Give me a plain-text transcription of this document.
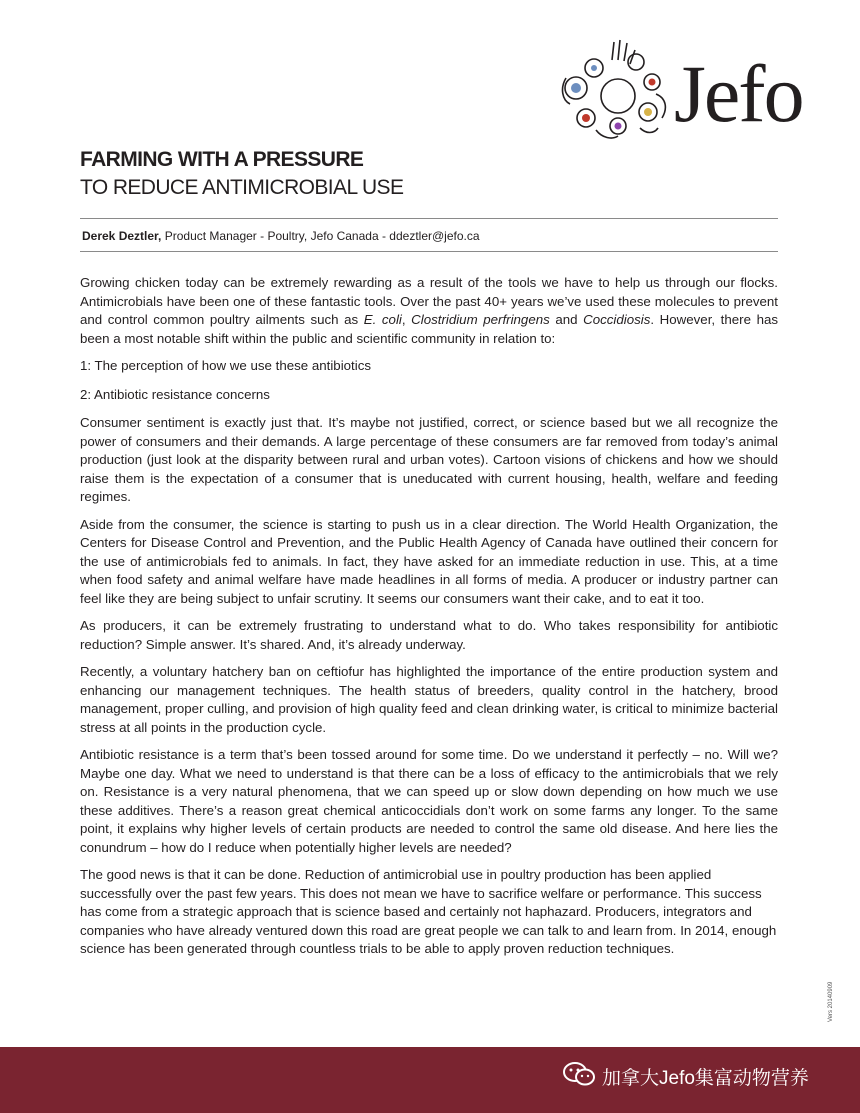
Jefo
FARMING WITH A PRESSURE
TO REDUCE ANTIMICROBIAL USE
Derek Deztler, Product Manager - Poultry, Jefo Canada - ddeztler@jefo.ca

Growing chicken today can be extremely rewarding as a result of the tools we have to help us through our flocks. Antimicrobials have been one of these fantastic tools. Over the past 40+ years we’ve used these molecules to prevent and control common poultry ailments such as E. coli, Clostridium perfringens and Coccidiosis. However, there has been a most notable shift within the public and scientific community in relation to:

1: The perception of how we use these antibiotics

2: Antibiotic resistance concerns

Consumer sentiment is exactly just that. It’s maybe not justified, correct, or science based but we all recognize the power of consumers and their demands. A large percentage of these consumers are far removed from today’s animal production (just look at the disparity between rural and urban votes). Cartoon visions of chickens and how we should raise them is the expectation of a consumer that is uneducated with current housing, health, welfare and feeding regimes.

Aside from the consumer, the science is starting to push us in a clear direction. The World Health Organization, the Centers for Disease Control and Prevention, and the Public Health Agency of Canada have outlined their concern for the use of antimicrobials fed to animals. In fact, they have asked for an immediate reduction in use. This, at a time when food safety and animal welfare have made headlines in all forms of media. A producer or industry partner can feel like they are being subject to unfair scrutiny. It seems our consumers want their cake, and to eat it too.

As producers, it can be extremely frustrating to understand what to do. Who takes responsibility for antibiotic reduction? Simple answer. It’s shared. And, it’s already underway.

Recently, a voluntary hatchery ban on ceftiofur has highlighted the importance of the entire production system and enhancing our management techniques. The health status of breeders, quality control in the hatchery, brood management, proper culling, and provision of high quality feed and clean drinking water, is critical to minimize bacterial stress at all points in the production cycle.

Antibiotic resistance is a term that’s been tossed around for some time. Do we understand it perfectly – no. Will we? Maybe one day. What we need to understand is that there can be a loss of efficacy to the antimicrobials that we rely on. Resistance is a very natural phenomena, that we can speed up or slow down depending on how much we use these additives. There’s a reason great chemical anticoccidials don’t work on some farms any longer. To the same point, it explains why higher levels of certain products are needed to control the same old disease. And here lies the conundrum – how do I reduce when potentially higher levels are needed?

The good news is that it can be done. Reduction of antimicrobial use in poultry production has been applied successfully over the past few years. This does not mean we have to sacrifice welfare or performance. This success has come from a strategic approach that is science based and certainly not haphazard. Producers, integrators and companies who have already ventured down this road are great people we can talk to and learn from. In 2014, enough science has been generated through countless trials to be able to apply proven reduction techniques.

Vers 20140909
加拿大Jefo集富动物营养
